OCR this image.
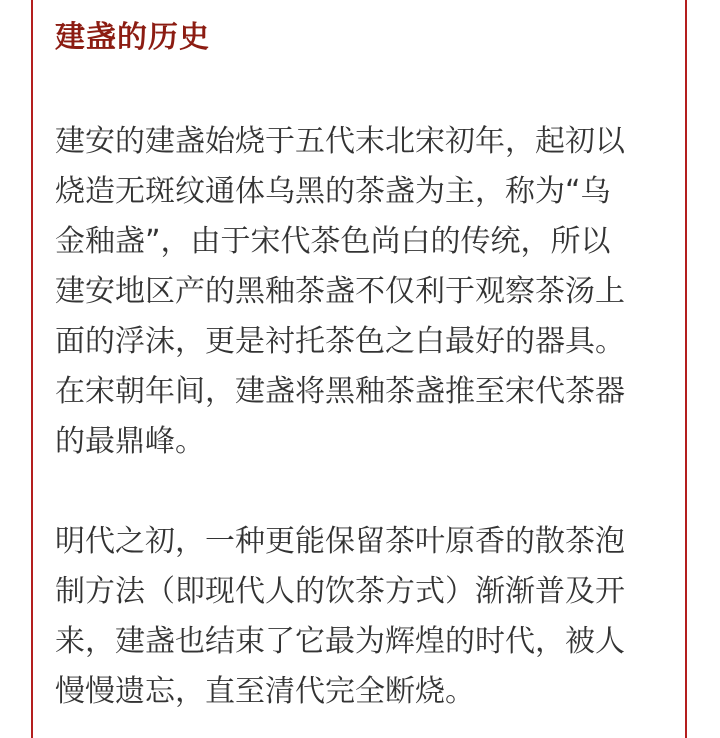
建盏的历史

建安的建盏始烧于五代末北宋初年，起初以
烧造无斑纹通体乌黑的茶盏为主，称为“乌
金釉盏”，由于宋代茶色尚白的传统，所以
建安地区产的黑釉茶盏不仅利于观察茶汤上
面的浮沫，更是衬托茶色之白最好的器具。
在宋朝年间，建盏将黑釉茶盏推至宋代茶器
的最鼎峰。

明代之初，一种更能保留茶叶原香的散茶泡
制方法（即现代人的饮茶方式）渐渐普及开
来，建盏也结束了它最为辉煌的时代，被人
慢慢遗忘，直至清代完全断烧。
